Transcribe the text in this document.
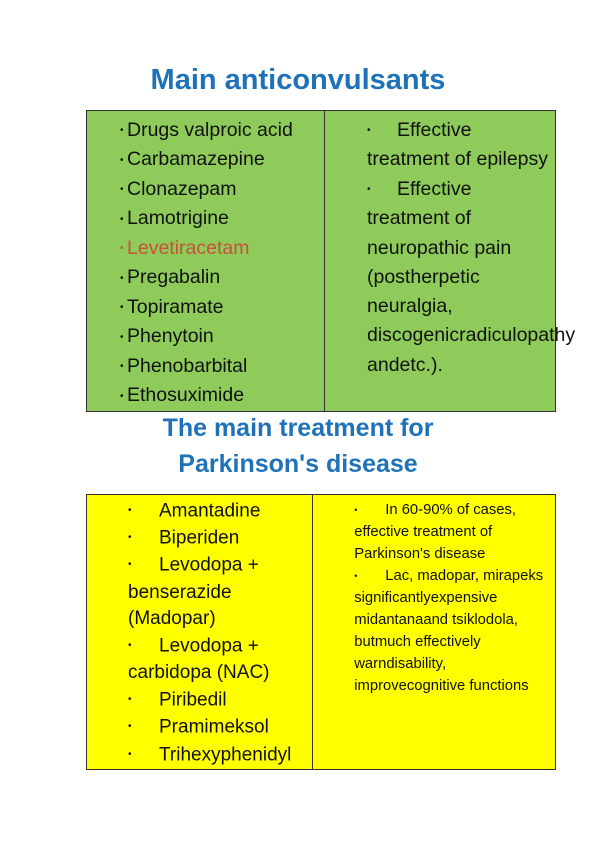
Main anticonvulsants
• Drugs valproic acid
• Carbamazepine
• Clonazepam
• Lamotrigine
• Levetiracetam
• Pregabalin
• Topiramate
• Phenytoin
• Phenobarbital
• Ethosuximide

• Effective treatment of epilepsy
• Effective treatment of neuropathic pain (postherpetic neuralgia, discogenicradiculopathy andetc.).
The main treatment for
Parkinson's disease
• Amantadine
• Biperiden
• Levodopa + benserazide (Madopar)
• Levodopa + carbidopa (NAC)
• Piribedil
• Pramimeksol
• Trihexyphenidyl

• In 60-90% of cases, effective treatment of Parkinson's disease
• Lac, madopar, mirapeks significantlyexpensive midantanaand tsiklodola, butmuch effectively warndisability, improvecognitive functions
